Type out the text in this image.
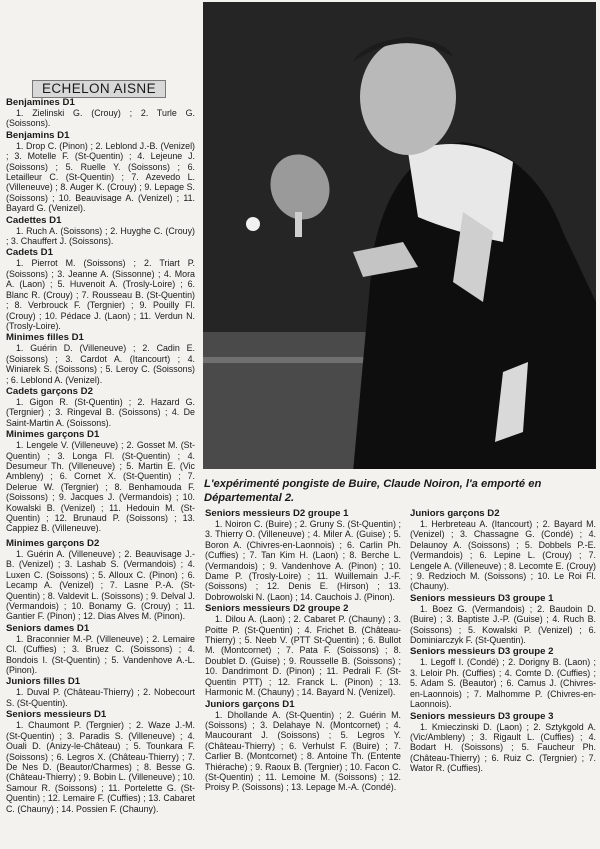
ECHELON AISNE
L'expérimenté pongiste de Buire, Claude Noiron, l'a emporté en Départemental 2.
Benjamines D1
1. Zielinski G. (Crouy) ; 2. Turle G. (Soissons).
Benjamins D1
1. Drop C. (Pinon) ; 2. Leblond J.-B. (Venizel) ; 3. Motelle F. (St-Quentin) ; 4. Lejeune J. (Soissons) ; 5. Ruelle Y. (Soissons) ; 6. Letailleur C. (St-Quentin) ; 7. Azevedo L. (Villeneuve) ; 8. Auger K. (Crouy) ; 9. Lepage S. (Soissons) ; 10. Beauvisage A. (Venizel) ; 11. Bayard G. (Venizel).
Cadettes D1
1. Ruch A. (Soissons) ; 2. Huyghe C. (Crouy) ; 3. Chauffert J. (Soissons).
Cadets D1
1. Pierrot M. (Soissons) ; 2. Triart P. (Soissons) ; 3. Jeanne A. (Sissonne) ; 4. Mora A. (Laon) ; 5. Huvenoit A. (Trosly-Loire) ; 6. Blanc R. (Crouy) ; 7. Rousseau B. (St-Quentin) ; 8. Verbrouck F. (Tergnier) ; 9. Pouilly Fl. (Crouy) ; 10. Pédace J. (Laon) ; 11. Verdun N. (Trosly-Loire).
Minimes filles D1
1. Guérin D. (Villeneuve) ; 2. Cadin E. (Soissons) ; 3. Cardot A. (Itancourt) ; 4. Winiarek S. (Soissons) ; 5. Leroy C. (Soissons) ; 6. Leblond A. (Venizel).
Cadets garçons D2
1. Gigon R. (St-Quentin) ; 2. Hazard G. (Tergnier) ; 3. Ringeval B. (Soissons) ; 4. De Saint-Martin A. (Soissons).
Minimes garçons D1
1. Lengele V. (Villeneuve) ; 2. Gosset M. (St-Quentin) ; 3. Longa Fl. (St-Quentin) ; 4. Desumeur Th. (Villeneuve) ; 5. Martin E. (Vic Ambleny) ; 6. Cornet X. (St-Quentin) ; 7. Delerue W. (Tergnier) ; 8. Benhamouda F. (Soissons) ; 9. Jacques J. (Vermandois) ; 10. Kowalski B. (Venizel) ; 11. Hedouin M. (St-Quentin) ; 12. Brunaud P. (Soissons) ; 13. Cappiez B. (Villeneuve).
Minimes garçons D2
1. Guérin A. (Villeneuve) ; 2. Beauvisage J.-B. (Venizel) ; 3. Lashab S. (Vermandois) ; 4. Luxen C. (Soissons) ; 5. Alloux C. (Pinon) ; 6. Lecamp A. (Venizel) ; 7. Lasne P.-A. (St-Quentin) ; 8. Valdevit L. (Soissons) ; 9. Delval J. (Vermandois) ; 10. Bonamy G. (Crouy) ; 11. Gantier F. (Pinon) ; 12. Dias Alves M. (Pinon).
Seniors dames D1
1. Braconnier M.-P. (Villeneuve) ; 2. Lemaire Cl. (Cuffies) ; 3. Bruez C. (Soissons) ; 4. Bondois I. (St-Quentin) ; 5. Vandenhove A.-L. (Pinon).
Juniors filles D1
1. Duval P. (Château-Thierry) ; 2. Nobecourt S. (St-Quentin).
Seniors messieurs D1
1. Chaumont P. (Tergnier) ; 2. Waze J.-M. (St-Quentin) ; 3. Paradis S. (Villeneuve) ; 4. Ouali D. (Anizy-le-Château) ; 5. Tounkara F. (Soissons) ; 6. Legros X. (Château-Thierry) ; 7. De Nes D. (Beautor/Charmes) ; 8. Besse G. (Château-Thierry) ; 9. Bobin L. (Villeneuve) ; 10. Samour R. (Soissons) ; 11. Portelette G. (St-Quentin) ; 12. Lemaire F. (Cuffies) ; 13. Cabaret C. (Chauny) ; 14. Possien F. (Chauny).
Seniors messieurs D2 groupe 1
1. Noiron C. (Buire) ; 2. Gruny S. (St-Quentin) ; 3. Thierry O. (Villeneuve) ; 4. Miler A. (Guise) ; 5. Boron A. (Chivres-en-Laonnois) ; 6. Carlin Ph. (Cuffies) ; 7. Tan Kim H. (Laon) ; 8. Berche L. (Vermandois) ; 9. Vandenhove A. (Pinon) ; 10. Dame P. (Trosly-Loire) ; 11. Wuillemain J.-F. (Soissons) ; 12. Denis E. (Hirson) ; 13. Dobrowolski N. (Laon) ; 14. Cauchois J. (Pinon).
Seniors messieurs D2 groupe 2
1. Dilou A. (Laon) ; 2. Cabaret P. (Chauny) ; 3. Poitte P. (St-Quentin) ; 4. Frichet B. (Château-Thierry) ; 5. Neeb V. (PTT St-Quentin) ; 6. Bullot M. (Montcornet) ; 7. Pata F. (Soissons) ; 8. Doublet D. (Guise) ; 9. Rousselle B. (Soissons) ; 10. Dandrimont D. (Pinon) ; 11. Pedrali F. (St-Quentin PTT) ; 12. Franck L. (Pinon) ; 13. Harmonic M. (Chauny) ; 14. Bayard N. (Venizel).
Juniors garçons D1
1. Dhollande A. (St-Quentin) ; 2. Guérin M. (Soissons) ; 3. Delahaye N. (Montcornet) ; 4. Maucourant J. (Soissons) ; 5. Legros Y. (Château-Thierry) ; 6. Verhulst F. (Buire) ; 7. Carlier B. (Montcornet) ; 8. Antoine Th. (Entente Thiérache) ; 9. Raoux B. (Tergnier) ; 10. Facon C. (St-Quentin) ; 11. Lemoine M. (Soissons) ; 12. Proisy P. (Soissons) ; 13. Lepage M.-A. (Condé).
Juniors garçons D2
1. Herbreteau A. (Itancourt) ; 2. Bayard M. (Venizel) ; 3. Chassagne G. (Condé) ; 4. Delaunoy A. (Soissons) ; 5. Dobbels P.-E. (Vermandois) ; 6. Lepine L. (Crouy) ; 7. Lengele A. (Villeneuve) ; 8. Lecomte E. (Crouy) ; 9. Redzioch M. (Soissons) ; 10. Le Roi Fl. (Chauny).
Seniors messieurs D3 groupe 1
1. Boez G. (Vermandois) ; 2. Baudoin D. (Buire) ; 3. Baptiste J.-P. (Guise) ; 4. Ruch B. (Soissons) ; 5. Kowalski P. (Venizel) ; 6. Dominiarczyk F. (St-Quentin).
Seniors messieurs D3 groupe 2
1. Legoff I. (Condé) ; 2. Dorigny B. (Laon) ; 3. Leloir Ph. (Cuffies) ; 4. Comte D. (Cuffies) ; 5. Adam S. (Beautor) ; 6. Camus J. (Chivres-en-Laonnois) ; 7. Malhomme P. (Chivres-en-Laonnois).
Seniors messieurs D3 groupe 3
1. Kmieczinski D. (Laon) ; 2. Sztykgold A. (Vic/Ambleny) ; 3. Rigault L. (Cuffies) ; 4. Bodart H. (Soissons) ; 5. Faucheur Ph. (Château-Thierry) ; 6. Ruiz C. (Tergnier) ; 7. Wator R. (Cuffies).
